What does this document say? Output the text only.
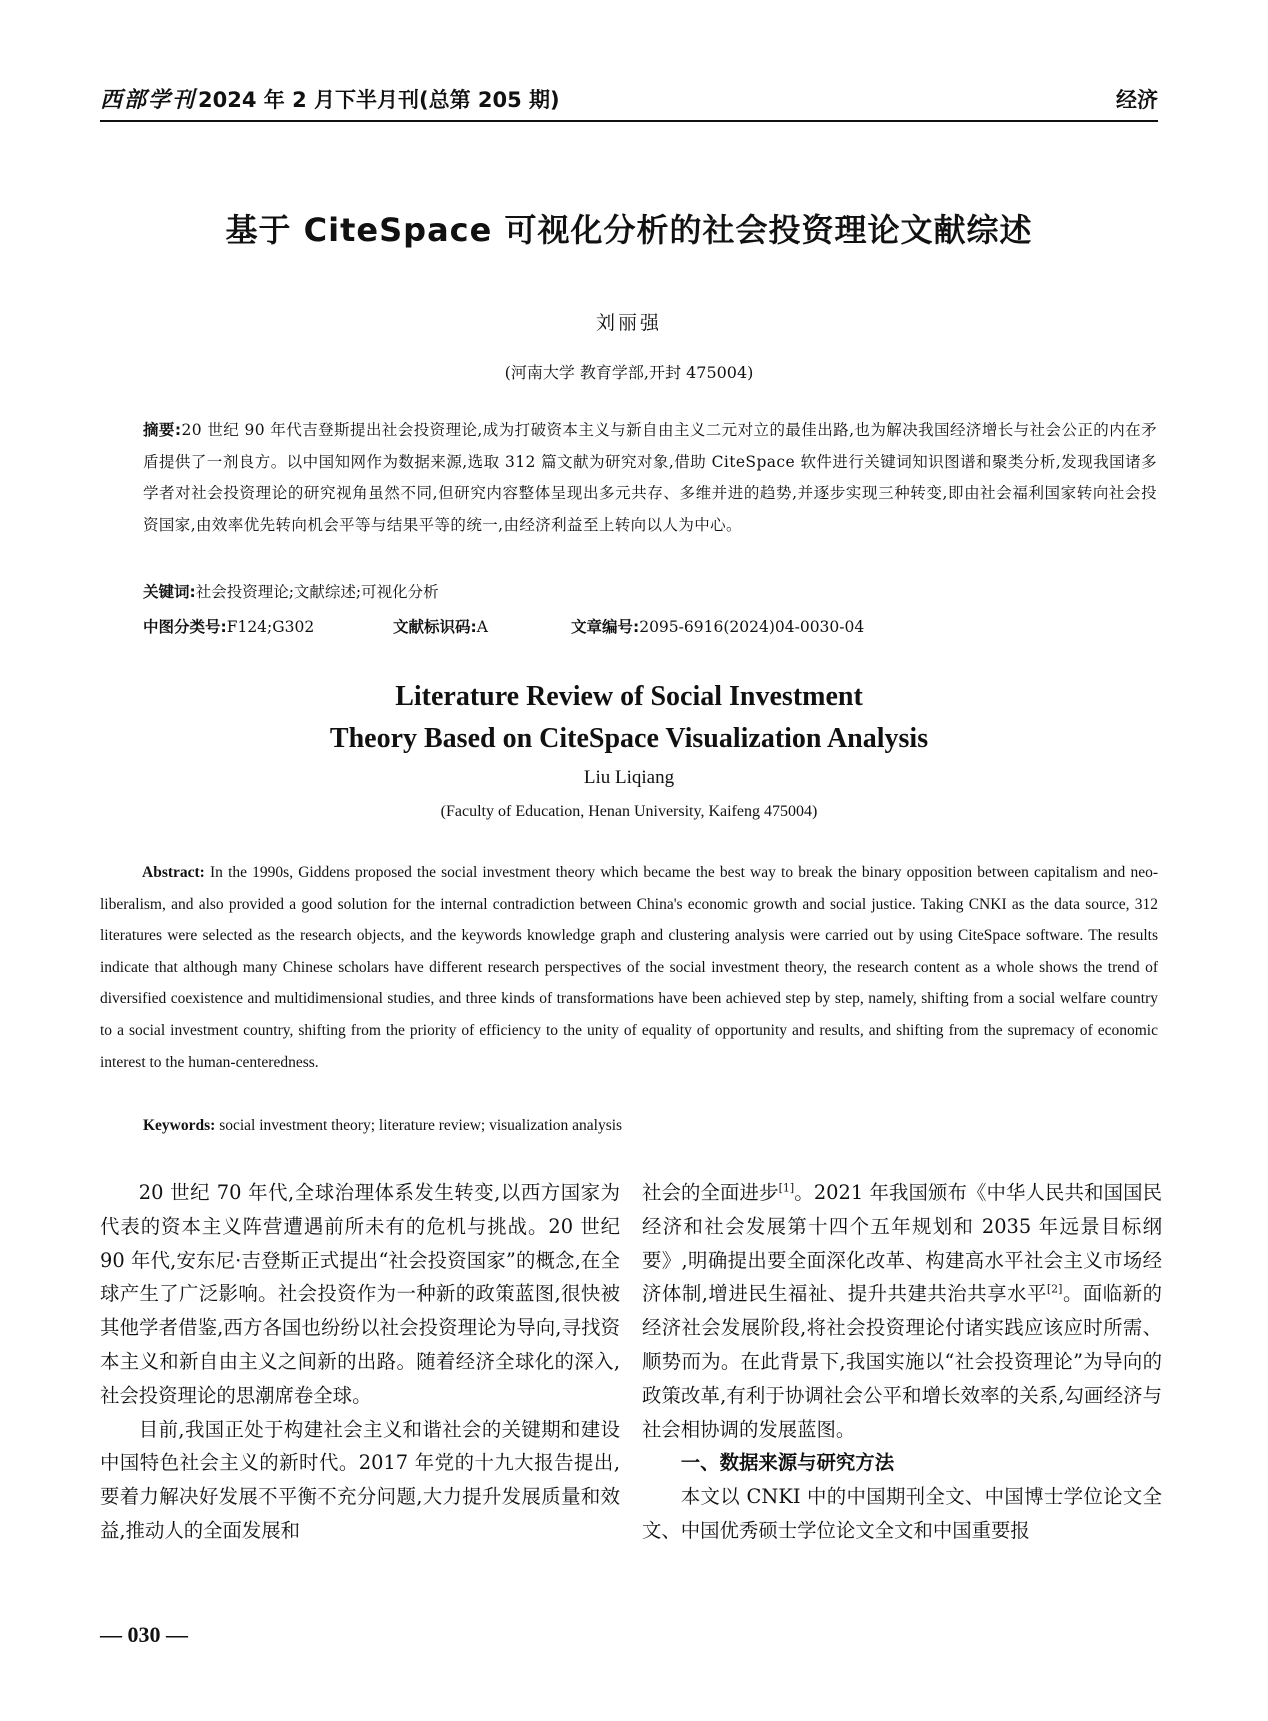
西部学刊 2024 年 2 月下半月刊(总第 205 期)	经济
基于 CiteSpace 可视化分析的社会投资理论文献综述
刘丽强
(河南大学 教育学部,开封 475004)
摘要:20 世纪 90 年代吉登斯提出社会投资理论,成为打破资本主义与新自由主义二元对立的最佳出路,也为解决我国经济增长与社会公正的内在矛盾提供了一剂良方。以中国知网作为数据来源,选取 312 篇文献为研究对象,借助 CiteSpace 软件进行关键词知识图谱和聚类分析,发现我国诸多学者对社会投资理论的研究视角虽然不同,但研究内容整体呈现出多元共存、多维并进的趋势,并逐步实现三种转变,即由社会福利国家转向社会投资国家,由效率优先转向机会平等与结果平等的统一,由经济利益至上转向以人为中心。
关键词:社会投资理论;文献综述;可视化分析
中图分类号:F124;G302	文献标识码:A	文章编号:2095-6916(2024)04-0030-04
Literature Review of Social Investment
Theory Based on CiteSpace Visualization Analysis
Liu Liqiang
(Faculty of Education, Henan University, Kaifeng 475004)
Abstract: In the 1990s, Giddens proposed the social investment theory which became the best way to break the binary opposition between capitalism and neo-liberalism, and also provided a good solution for the internal contradiction between China's economic growth and social justice. Taking CNKI as the data source, 312 literatures were selected as the research objects, and the keywords knowledge graph and clustering analysis were carried out by using CiteSpace software. The results indicate that although many Chinese scholars have different research perspectives of the social investment theory, the research content as a whole shows the trend of diversified coexistence and multidimensional studies, and three kinds of transformations have been achieved step by step, namely, shifting from a social welfare country to a social investment country, shifting from the priority of efficiency to the unity of equality of opportunity and results, and shifting from the supremacy of economic interest to the human-centeredness.
Keywords: social investment theory; literature review; visualization analysis

20 世纪 70 年代,全球治理体系发生转变,以西方国家为代表的资本主义阵营遭遇前所未有的危机与挑战。20 世纪 90 年代,安东尼·吉登斯正式提出“社会投资国家”的概念,在全球产生了广泛影响。社会投资作为一种新的政策蓝图,很快被其他学者借鉴,西方各国也纷纷以社会投资理论为导向,寻找资本主义和新自由主义之间新的出路。随着经济全球化的深入,社会投资理论的思潮席卷全球。

目前,我国正处于构建社会主义和谐社会的关键期和建设中国特色社会主义的新时代。2017 年党的十九大报告提出,要着力解决好发展不平衡不充分问题,大力提升发展质量和效益,推动人的全面发展和

社会的全面进步[1]。2021 年我国颁布《中华人民共和国国民经济和社会发展第十四个五年规划和 2035 年远景目标纲要》,明确提出要全面深化改革、构建高水平社会主义市场经济体制,增进民生福祉、提升共建共治共享水平[2]。面临新的经济社会发展阶段,将社会投资理论付诸实践应该应时所需、顺势而为。在此背景下,我国实施以“社会投资理论”为导向的政策改革,有利于协调社会公平和增长效率的关系,勾画经济与社会相协调的发展蓝图。

一、数据来源与研究方法

本文以 CNKI 中的中国期刊全文、中国博士学位论文全文、中国优秀硕士学位论文全文和中国重要报

— 030 —
